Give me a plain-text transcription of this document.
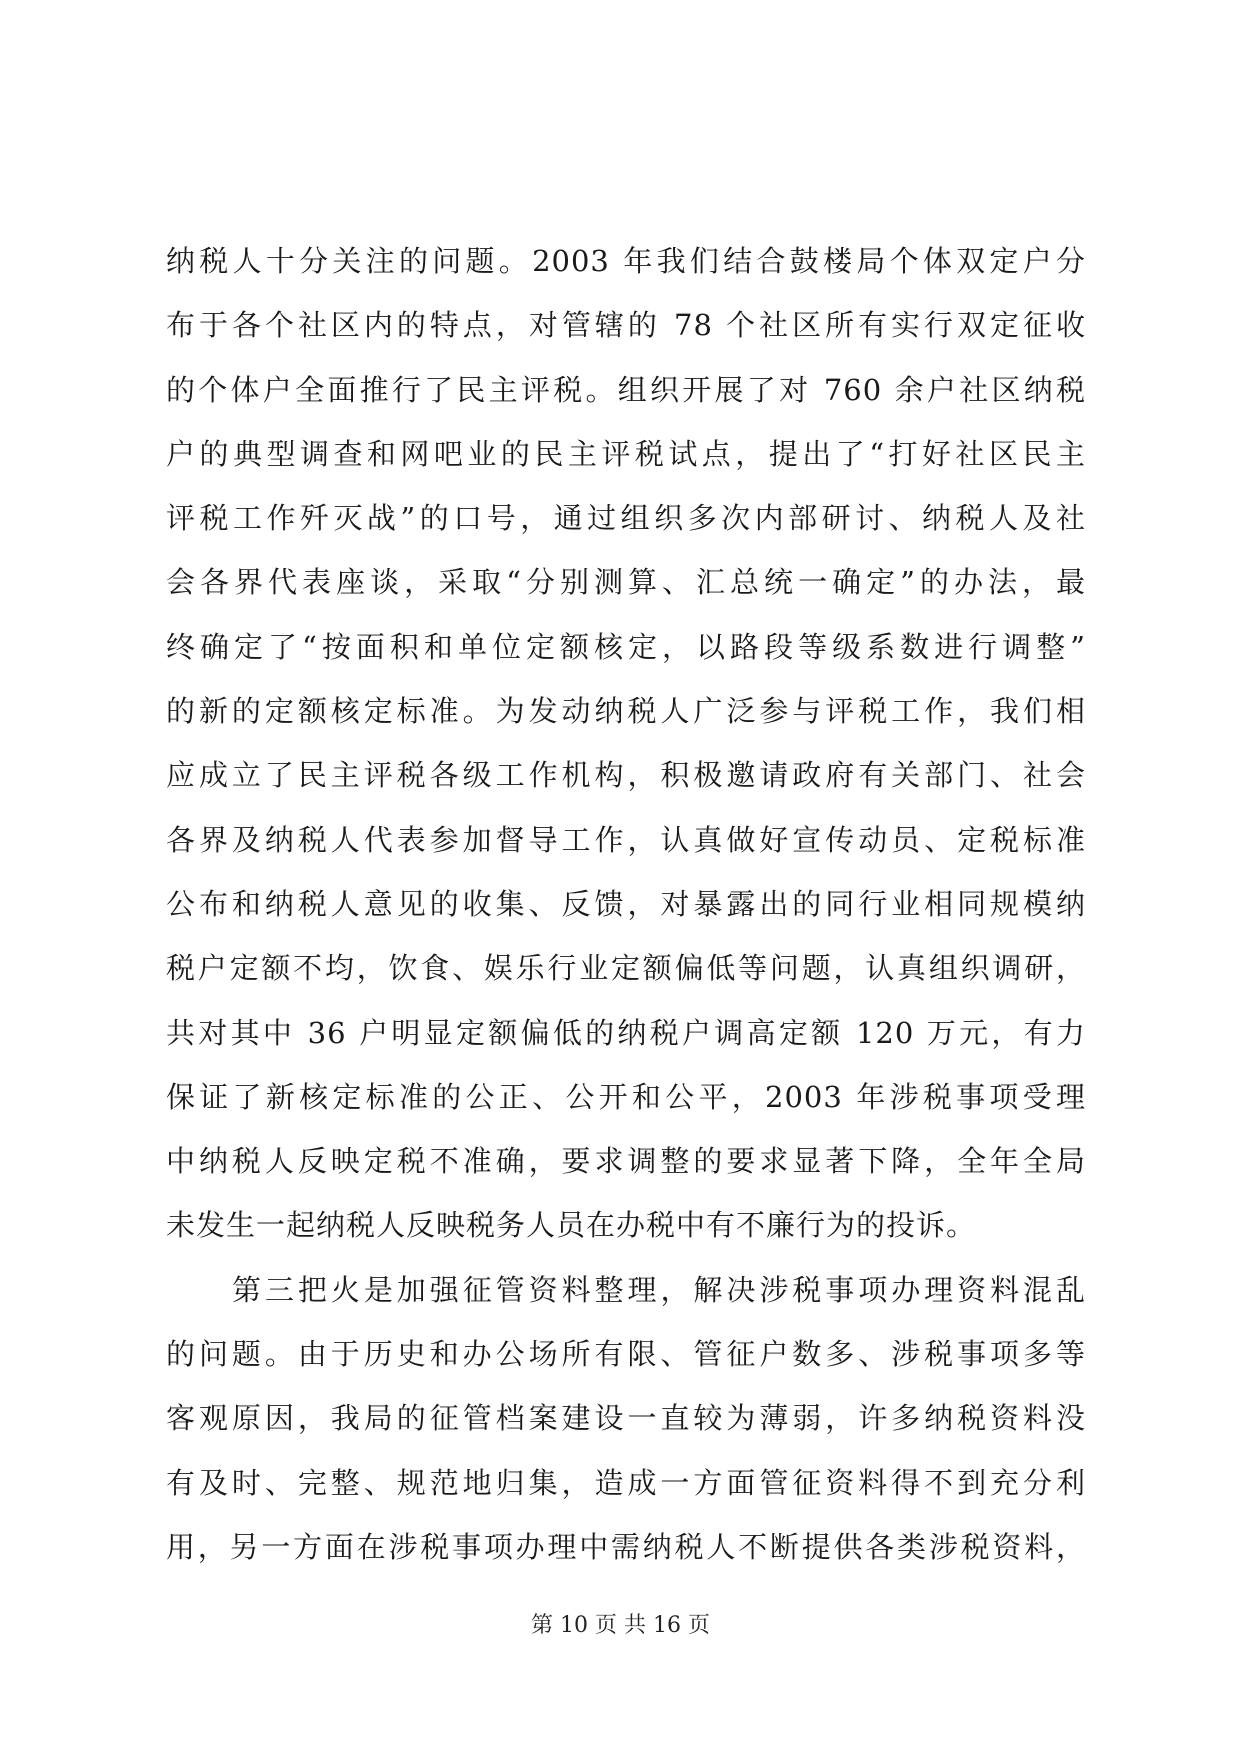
纳税人十分关注的问题。2003 年我们结合鼓楼局个体双定户分
布于各个社区内的特点，对管辖的 78 个社区所有实行双定征收
的个体户全面推行了民主评税。组织开展了对 760 余户社区纳税
户的典型调查和网吧业的民主评税试点，提出了“打好社区民主
评税工作歼灭战”的口号，通过组织多次内部研讨、纳税人及社
会各界代表座谈，采取“分别测算、汇总统一确定”的办法，最
终确定了“按面积和单位定额核定，以路段等级系数进行调整”
的新的定额核定标准。为发动纳税人广泛参与评税工作，我们相
应成立了民主评税各级工作机构，积极邀请政府有关部门、社会
各界及纳税人代表参加督导工作，认真做好宣传动员、定税标准
公布和纳税人意见的收集、反馈，对暴露出的同行业相同规模纳
税户定额不均，饮食、娱乐行业定额偏低等问题，认真组织调研，
共对其中 36 户明显定额偏低的纳税户调高定额 120 万元，有力
保证了新核定标准的公正、公开和公平，2003 年涉税事项受理
中纳税人反映定税不准确，要求调整的要求显著下降，全年全局
未发生一起纳税人反映税务人员在办税中有不廉行为的投诉。
第三把火是加强征管资料整理，解决涉税事项办理资料混乱
的问题。由于历史和办公场所有限、管征户数多、涉税事项多等
客观原因，我局的征管档案建设一直较为薄弱，许多纳税资料没
有及时、完整、规范地归集，造成一方面管征资料得不到充分利
用，另一方面在涉税事项办理中需纳税人不断提供各类涉税资料，
第 10 页 共 16 页
